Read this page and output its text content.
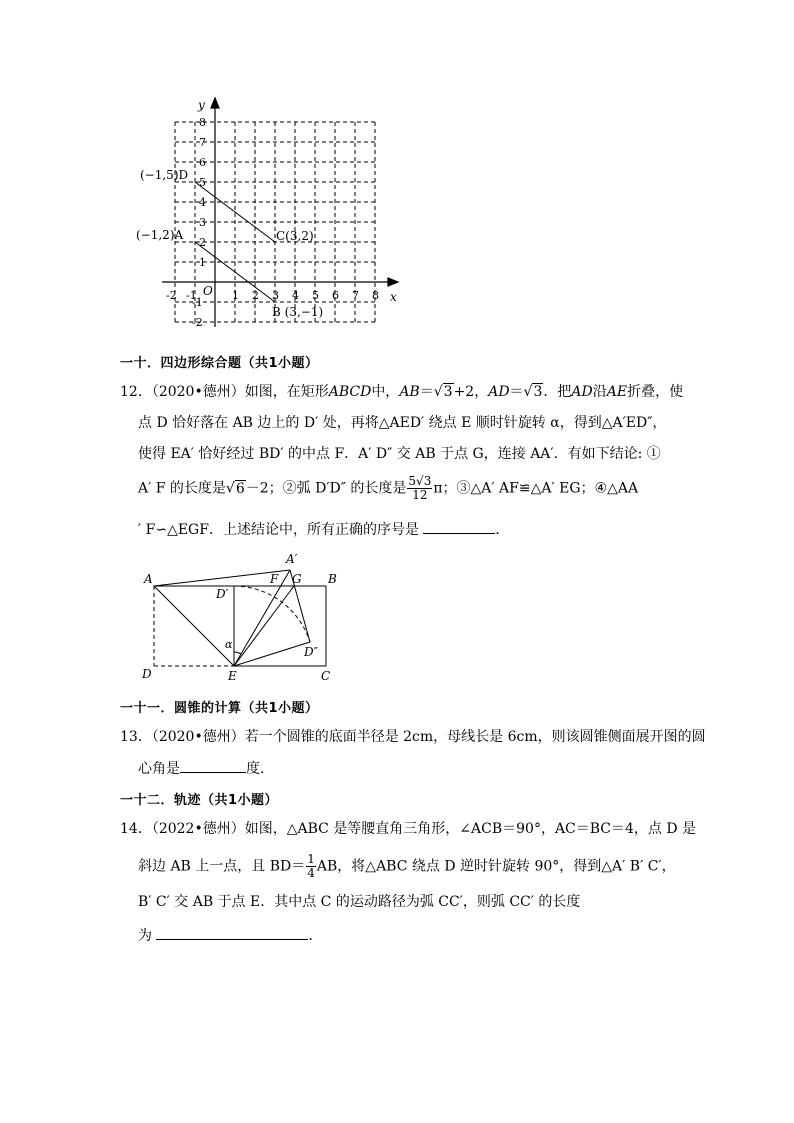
y
x
O
8
7
6
5
4
3
2
1
-1
-2
-2 -1	1 2 3 4 5 6 7 8
(−1,5)D
(−1,2)A	C(3,2)
B (3,−1)
一十．四边形综合题（共1小题）
12．（2020•德州）如图，在矩形ABCD中，AB＝√3+2，AD＝√3．把AD沿AE折叠，使
点 D 恰好落在 AB 边上的 D′ 处，再将△AED′ 绕点 E 顺时针旋转 α，得到△A′ED″，
使得 EA′ 恰好经过 BD′ 的中点 F．A′ D″ 交 AB 于点 G，连接 AA′．有如下结论: ①
A′ F 的长度是√6－2；②弧 D′D″ 的长度是 $\frac{5√3}{12}$ π；③△A′ AF≌△A′ EG；④△AA
′ F∽△EGF．上述结论中，所有正确的序号是	．
A
A′
F G B
D′
α
D″
D	E	C
一十一．圆锥的计算（共1小题）
13．（2020•德州）若一个圆锥的底面半径是 2cm，母线长是 6cm，则该圆锥侧面展开图的圆
心角是	度．
一十二．轨迹（共1小题）
14．（2022•德州）如图，△ABC 是等腰直角三角形，∠ACB＝90°，AC＝BC＝4，点 D 是
斜边 AB 上一点，且 $BD= \frac{1}{4}$ AB，将△ABC 绕点 D 逆时针旋转 90°，得到△A′ B′ C′，
B′ C′ 交 AB 于点 E．其中点 C 的运动路径为弧 CC′，则弧 CC′ 的长度
为	．
